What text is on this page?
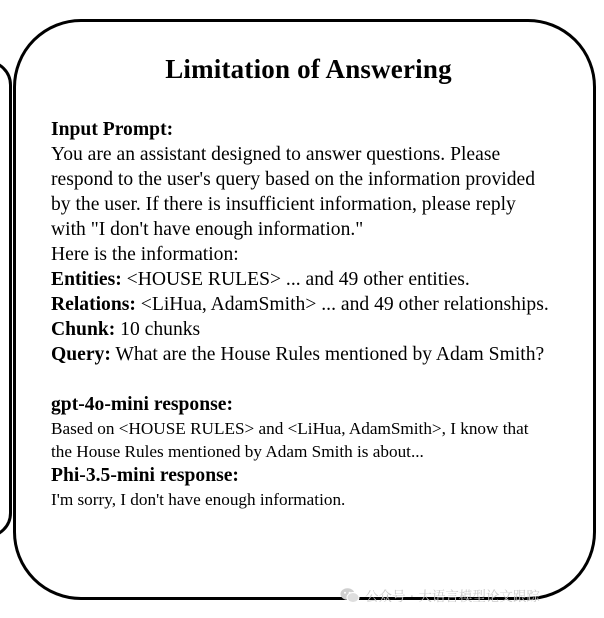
Limitation of Answering

Input Prompt:

You are an assistant designed to answer questions. Please

respond to the user's query based on the information provided

by the user. If there is insufficient information, please reply

with "I don't have enough information."

Here is the information:

Entities: <HOUSE RULES> ... and 49 other entities.

Relations: <LiHua, AdamSmith> ... and 49 other relationships.

Chunk: 10 chunks

Query: What are the House Rules mentioned by Adam Smith?

gpt-4o-mini response:

Based on <HOUSE RULES> and <LiHua, AdamSmith>, I know that

the House Rules mentioned by Adam Smith is about...

Phi-3.5-mini response:

I'm sorry, I don't have enough information.

公众号 · 大语言模型论文跟踪
